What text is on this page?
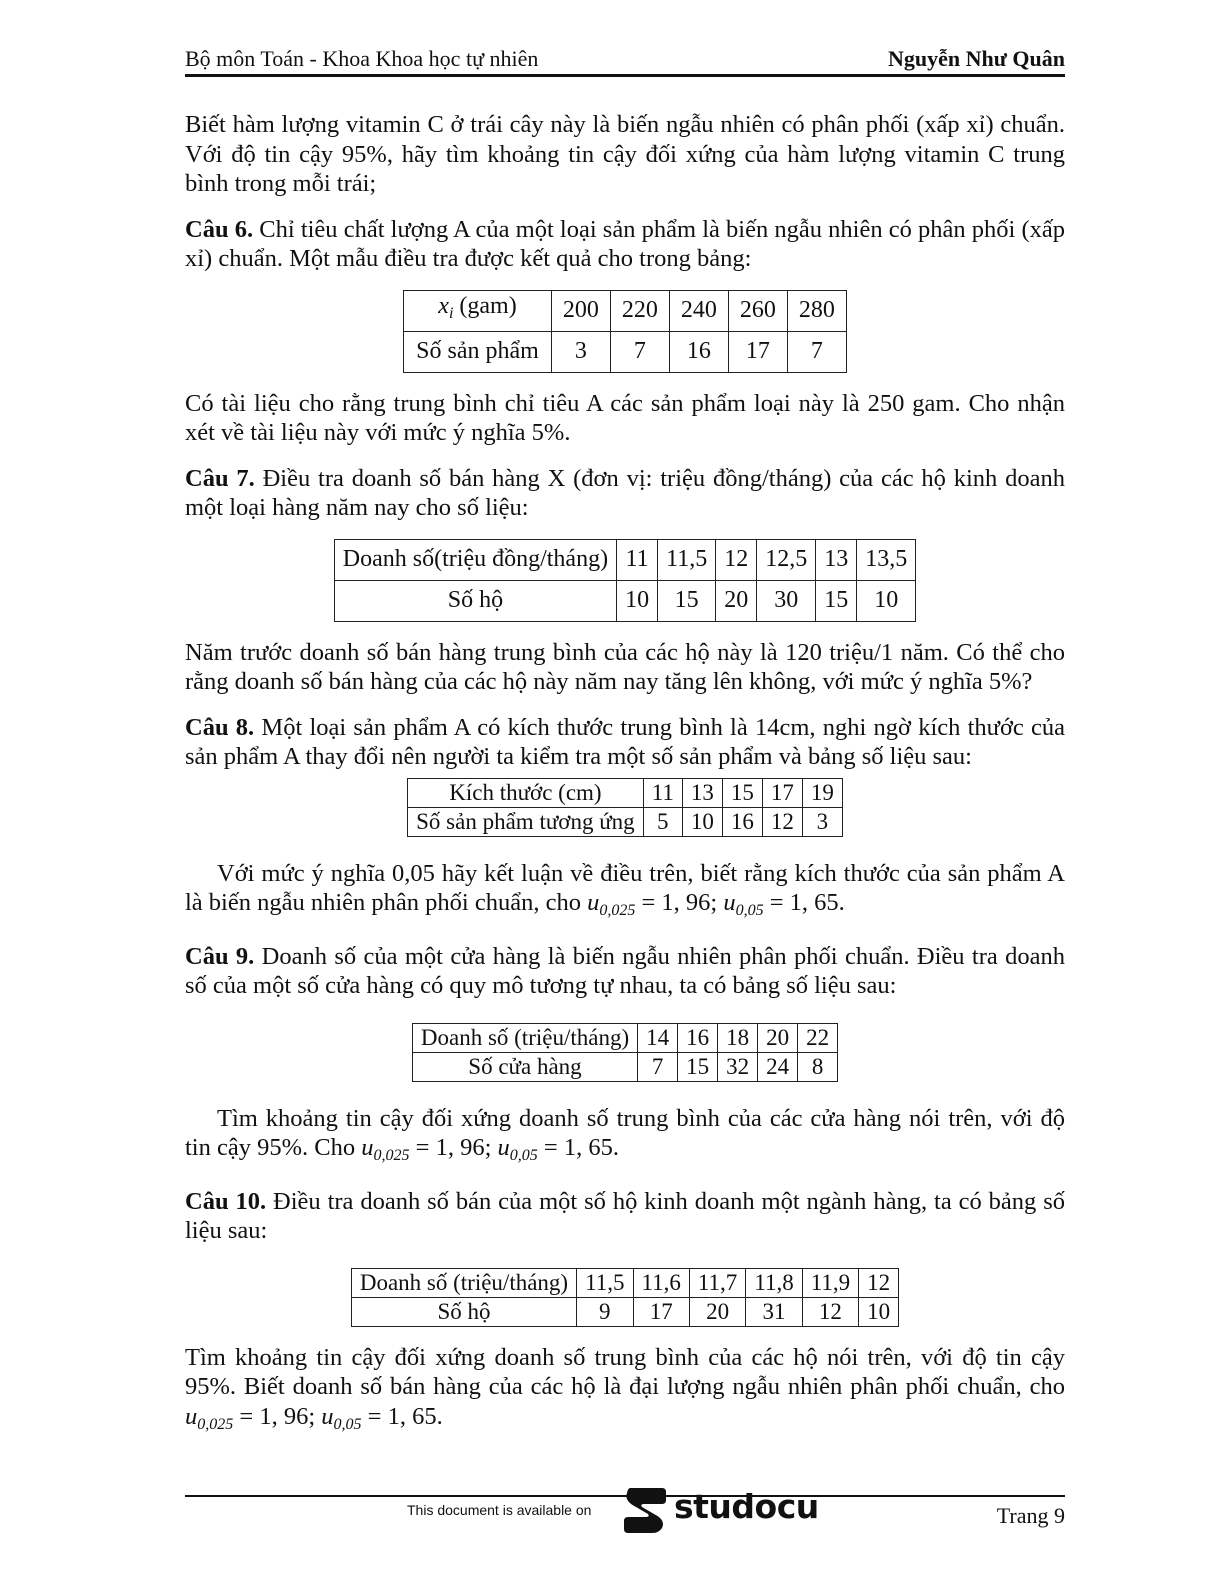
Bộ môn Toán - Khoa Khoa học tự nhiên	Nguyễn Như Quân

Biết hàm lượng vitamin C ở trái cây này là biến ngẫu nhiên có phân phối (xấp xỉ) chuẩn. Với độ tin cậy 95%, hãy tìm khoảng tin cậy đối xứng của hàm lượng vitamin C trung bình trong mỗi trái;

Câu 6. Chỉ tiêu chất lượng A của một loại sản phẩm là biến ngẫu nhiên có phân phối (xấp xỉ) chuẩn. Một mẫu điều tra được kết quả cho trong bảng:

$x_i$ (gam)	200	220	240	260	280
Số sản phẩm	3	7	16	17	7

Có tài liệu cho rằng trung bình chỉ tiêu A các sản phẩm loại này là 250 gam. Cho nhận xét về tài liệu này với mức ý nghĩa 5%.

Câu 7. Điều tra doanh số bán hàng X (đơn vị: triệu đồng/tháng) của các hộ kinh doanh một loại hàng năm nay cho số liệu:

Doanh số(triệu đồng/tháng)	11	11,5	12	12,5	13	13,5
Số hộ	10	15	20	30	15	10

Năm trước doanh số bán hàng trung bình của các hộ này là 120 triệu/1 năm. Có thể cho rằng doanh số bán hàng của các hộ này năm nay tăng lên không, với mức ý nghĩa 5%?

Câu 8. Một loại sản phẩm A có kích thước trung bình là 14cm, nghi ngờ kích thước của sản phẩm A thay đổi nên người ta kiểm tra một số sản phẩm và bảng số liệu sau:

Kích thước (cm)	11	13	15	17	19
Số sản phẩm tương ứng	5	10	16	12	3

Với mức ý nghĩa 0,05 hãy kết luận về điều trên, biết rằng kích thước của sản phẩm A là biến ngẫu nhiên phân phối chuẩn, cho $u_{0,025} = 1$, 96; $u_{0,05} = 1$, 65.

Câu 9. Doanh số của một cửa hàng là biến ngẫu nhiên phân phối chuẩn. Điều tra doanh số của một số cửa hàng có quy mô tương tự nhau, ta có bảng số liệu sau:

Doanh số (triệu/tháng)	14	16	18	20	22
Số cửa hàng	7	15	32	24	8

Tìm khoảng tin cậy đối xứng doanh số trung bình của các cửa hàng nói trên, với độ tin cậy 95%. Cho $u_{0,025} = 1$, 96; $u_{0,05} = 1$, 65.

Câu 10. Điều tra doanh số bán của một số hộ kinh doanh một ngành hàng, ta có bảng số liệu sau:

Doanh số (triệu/tháng)	11,5	11,6	11,7	11,8	11,9	12
Số hộ	9	17	20	31	12	10

Tìm khoảng tin cậy đối xứng doanh số trung bình của các hộ nói trên, với độ tin cậy 95%. Biết doanh số bán hàng của các hộ là đại lượng ngẫu nhiên phân phối chuẩn, cho $u_{0,025} = 1$, 96; $u_{0,05} = 1$, 65.

This document is available on	studocu	Trang 9
